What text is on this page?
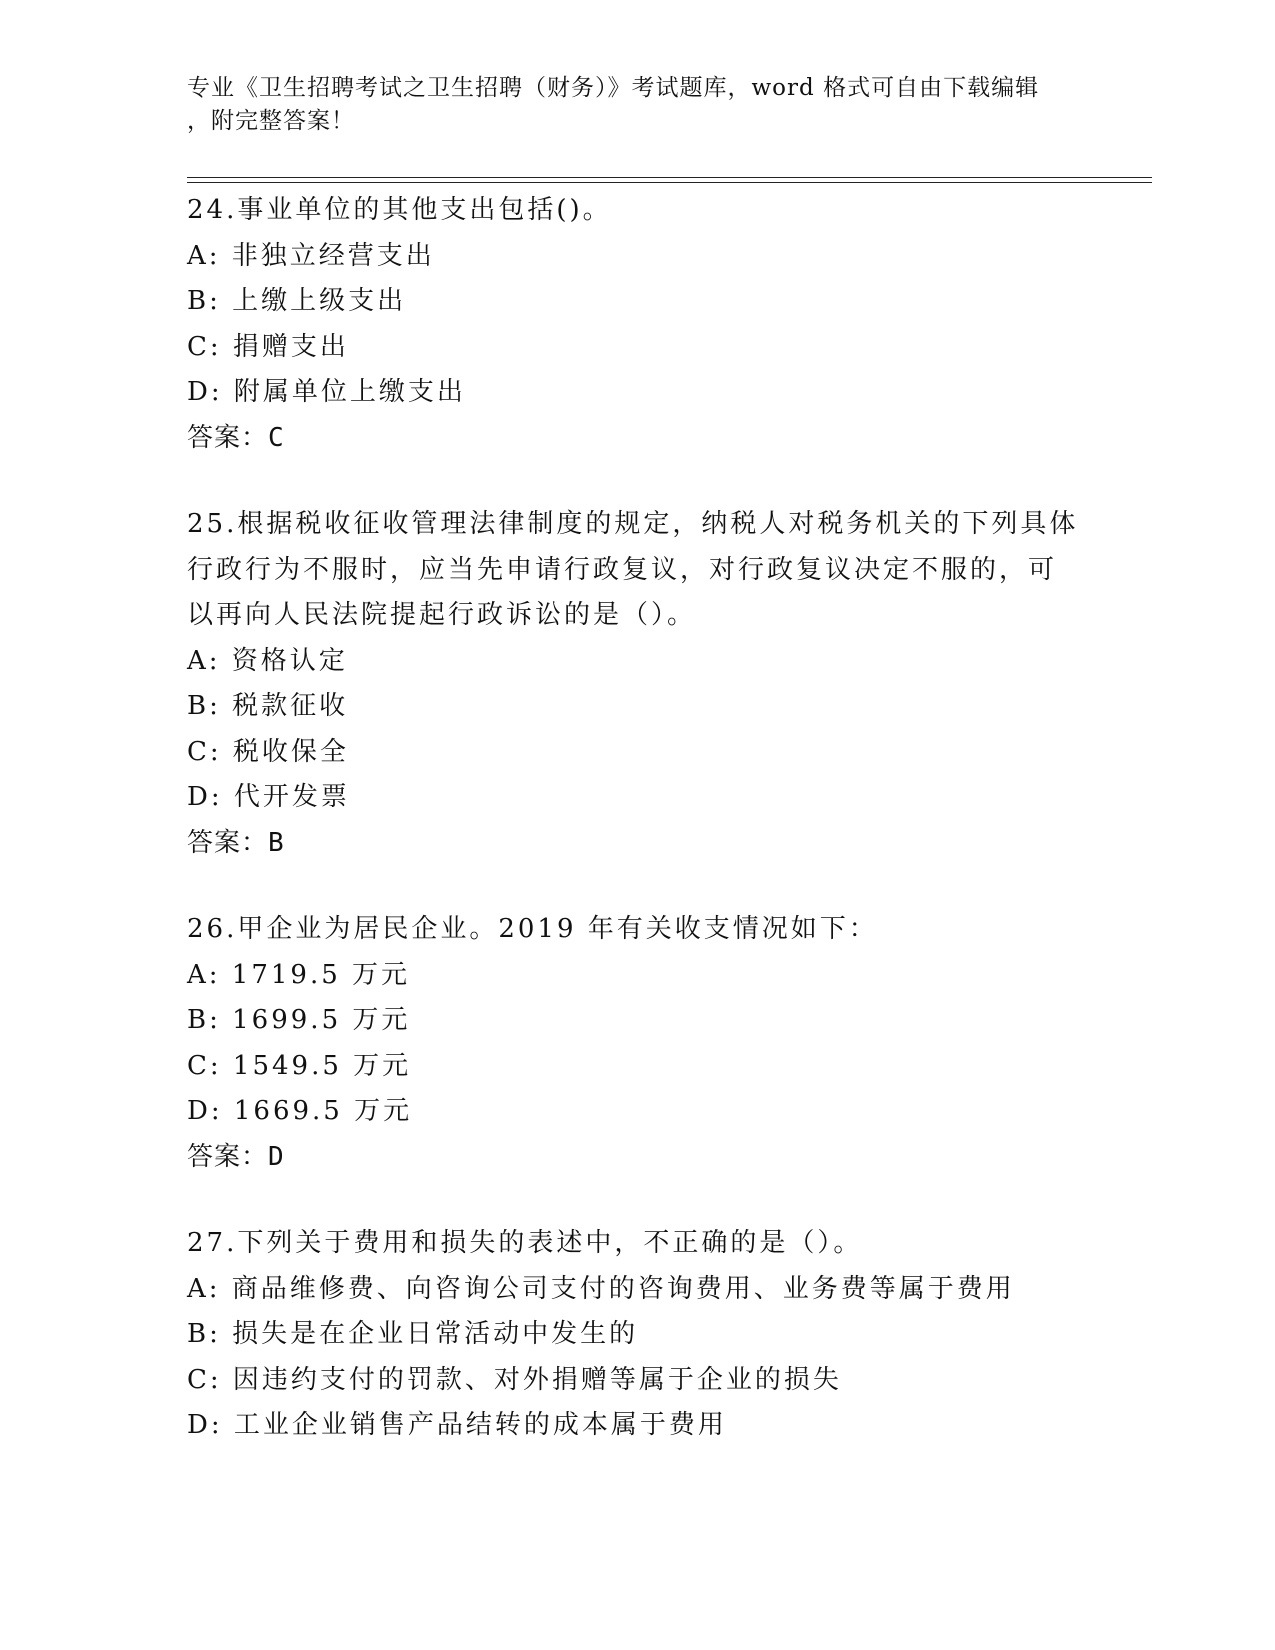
专业《卫生招聘考试之卫生招聘（财务）》考试题库，word 格式可自由下载编辑
，附完整答案！

24.事业单位的其他支出包括()。

A: 非独立经营支出

B: 上缴上级支出

C: 捐赠支出

D: 附属单位上缴支出

答案：C

25.根据税收征收管理法律制度的规定，纳税人对税务机关的下列具体

行政行为不服时，应当先申请行政复议，对行政复议决定不服的，可

以再向人民法院提起行政诉讼的是（）。

A: 资格认定

B: 税款征收

C: 税收保全

D: 代开发票

答案：B

26.甲企业为居民企业。2019 年有关收支情况如下：

A: 1719.5 万元

B: 1699.5 万元

C: 1549.5 万元

D: 1669.5 万元

答案：D

27.下列关于费用和损失的表述中，不正确的是（）。

A: 商品维修费、向咨询公司支付的咨询费用、业务费等属于费用

B: 损失是在企业日常活动中发生的

C: 因违约支付的罚款、对外捐赠等属于企业的损失

D: 工业企业销售产品结转的成本属于费用
